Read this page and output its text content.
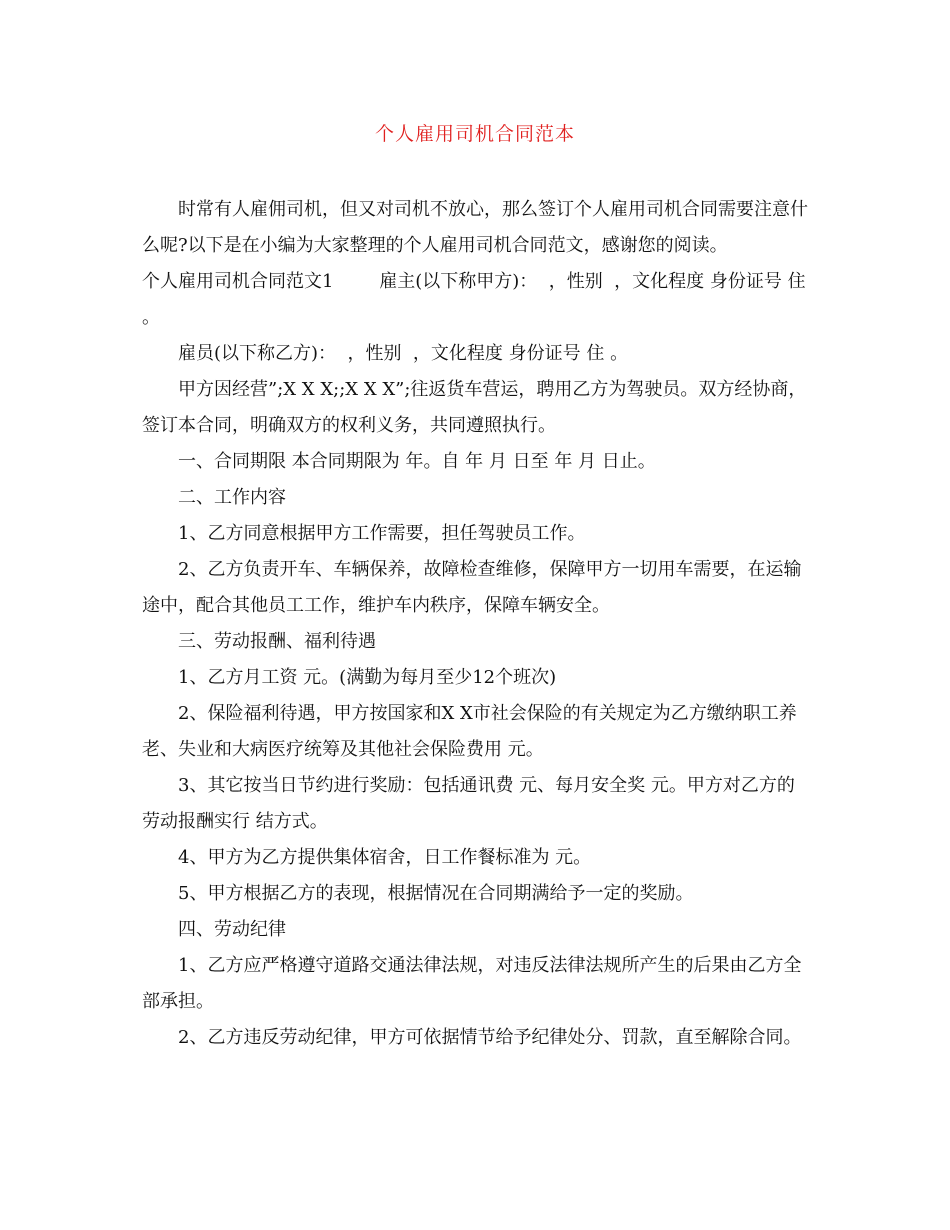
个人雇用司机合同范本

时常有人雇佣司机，但又对司机不放心，那么签订个人雇用司机合同需要注意什么呢?以下是在小编为大家整理的个人雇用司机合同范文，感谢您的阅读。

个人雇用司机合同范文1        雇主(以下称甲方)：  ，性别  ，文化程度 身份证号 住 。

雇员(以下称乙方)：  ，性别  ，文化程度 身份证号 住 。

甲方因经营”;X X X;;X X X”;往返货车营运，聘用乙方为驾驶员。双方经协商，签订本合同，明确双方的权利义务，共同遵照执行。

一、合同期限 本合同期限为 年。自 年 月 日至 年 月 日止。

二、工作内容

1、乙方同意根据甲方工作需要，担任驾驶员工作。

2、乙方负责开车、车辆保养，故障检查维修，保障甲方一切用车需要，在运输途中，配合其他员工工作，维护车内秩序，保障车辆安全。

三、劳动报酬、福利待遇

1、乙方月工资 元。(满勤为每月至少12个班次)

2、保险福利待遇，甲方按国家和X X市社会保险的有关规定为乙方缴纳职工养老、失业和大病医疗统筹及其他社会保险费用 元。

3、其它按当日节约进行奖励：包括通讯费 元、每月安全奖 元。甲方对乙方的劳动报酬实行 结方式。

4、甲方为乙方提供集体宿舍，日工作餐标准为 元。

5、甲方根据乙方的表现，根据情况在合同期满给予一定的奖励。

四、劳动纪律

1、乙方应严格遵守道路交通法律法规，对违反法律法规所产生的后果由乙方全部承担。

2、乙方违反劳动纪律，甲方可依据情节给予纪律处分、罚款，直至解除合同。
